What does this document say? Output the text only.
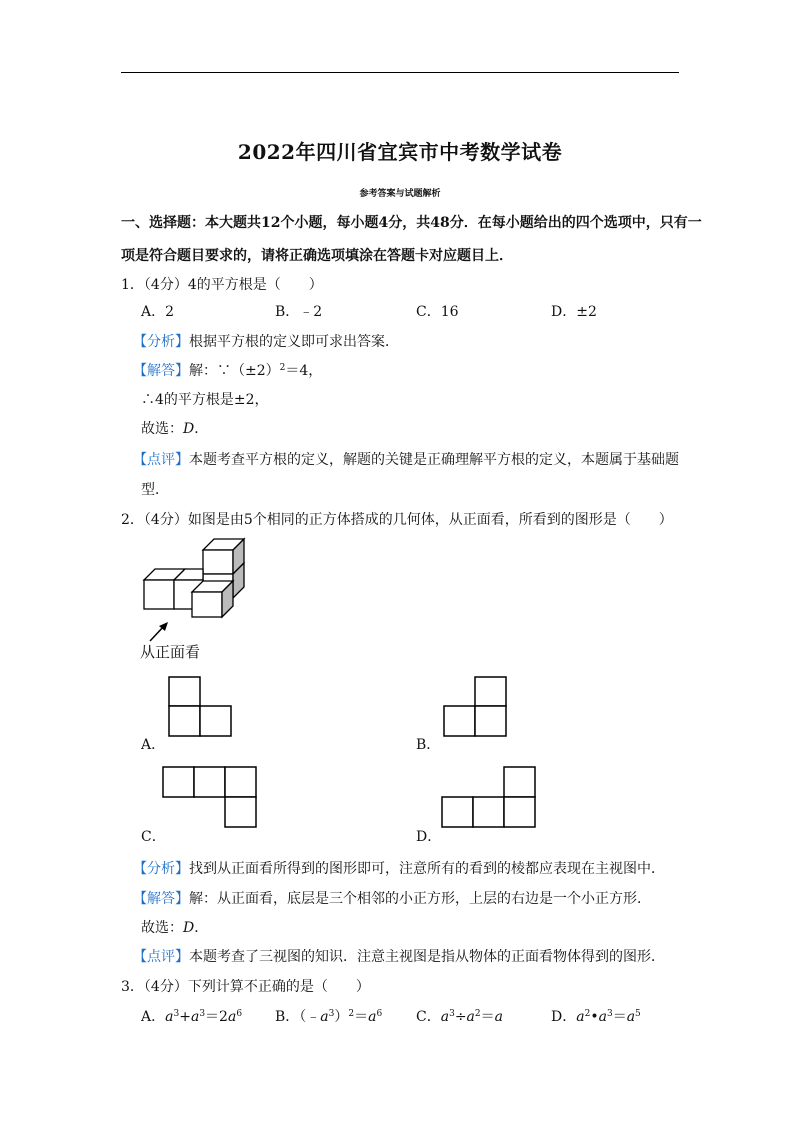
2022年四川省宜宾市中考数学试卷
参考答案与试题解析
一、选择题：本大题共12个小题，每小题4分，共48分．在每小题给出的四个选项中，只有一
项是符合题目要求的，请将正确选项填涂在答题卡对应题目上．
1．（4分）4的平方根是（　　）
A．2	B．﹣2	C．16	D．±2
【分析】根据平方根的定义即可求出答案．
【解答】解：$\because(\pm 2)^2=4$，
∴4的平方根是±2，
故选：D．
【点评】本题考查平方根的定义，解题的关键是正确理解平方根的定义，本题属于基础题
型．
2．（4分）如图是由5个相同的正方体搭成的几何体，从正面看，所看到的图形是（　　）
从正面看
A．	B．
C．	D．
【分析】找到从正面看所得到的图形即可，注意所有的看到的棱都应表现在主视图中．
【解答】解：从正面看，底层是三个相邻的小正方形，上层的右边是一个小正方形．
故选：D．
【点评】本题考查了三视图的知识．注意主视图是指从物体的正面看物体得到的图形．
3．（4分）下列计算不正确的是（　　）
A．$a^3+a^3=2a^6$ B．$(﹣a^3)^2=a^6$ C．$a^3\div a^2=a$	D．$a^2•a^3=a^5$
